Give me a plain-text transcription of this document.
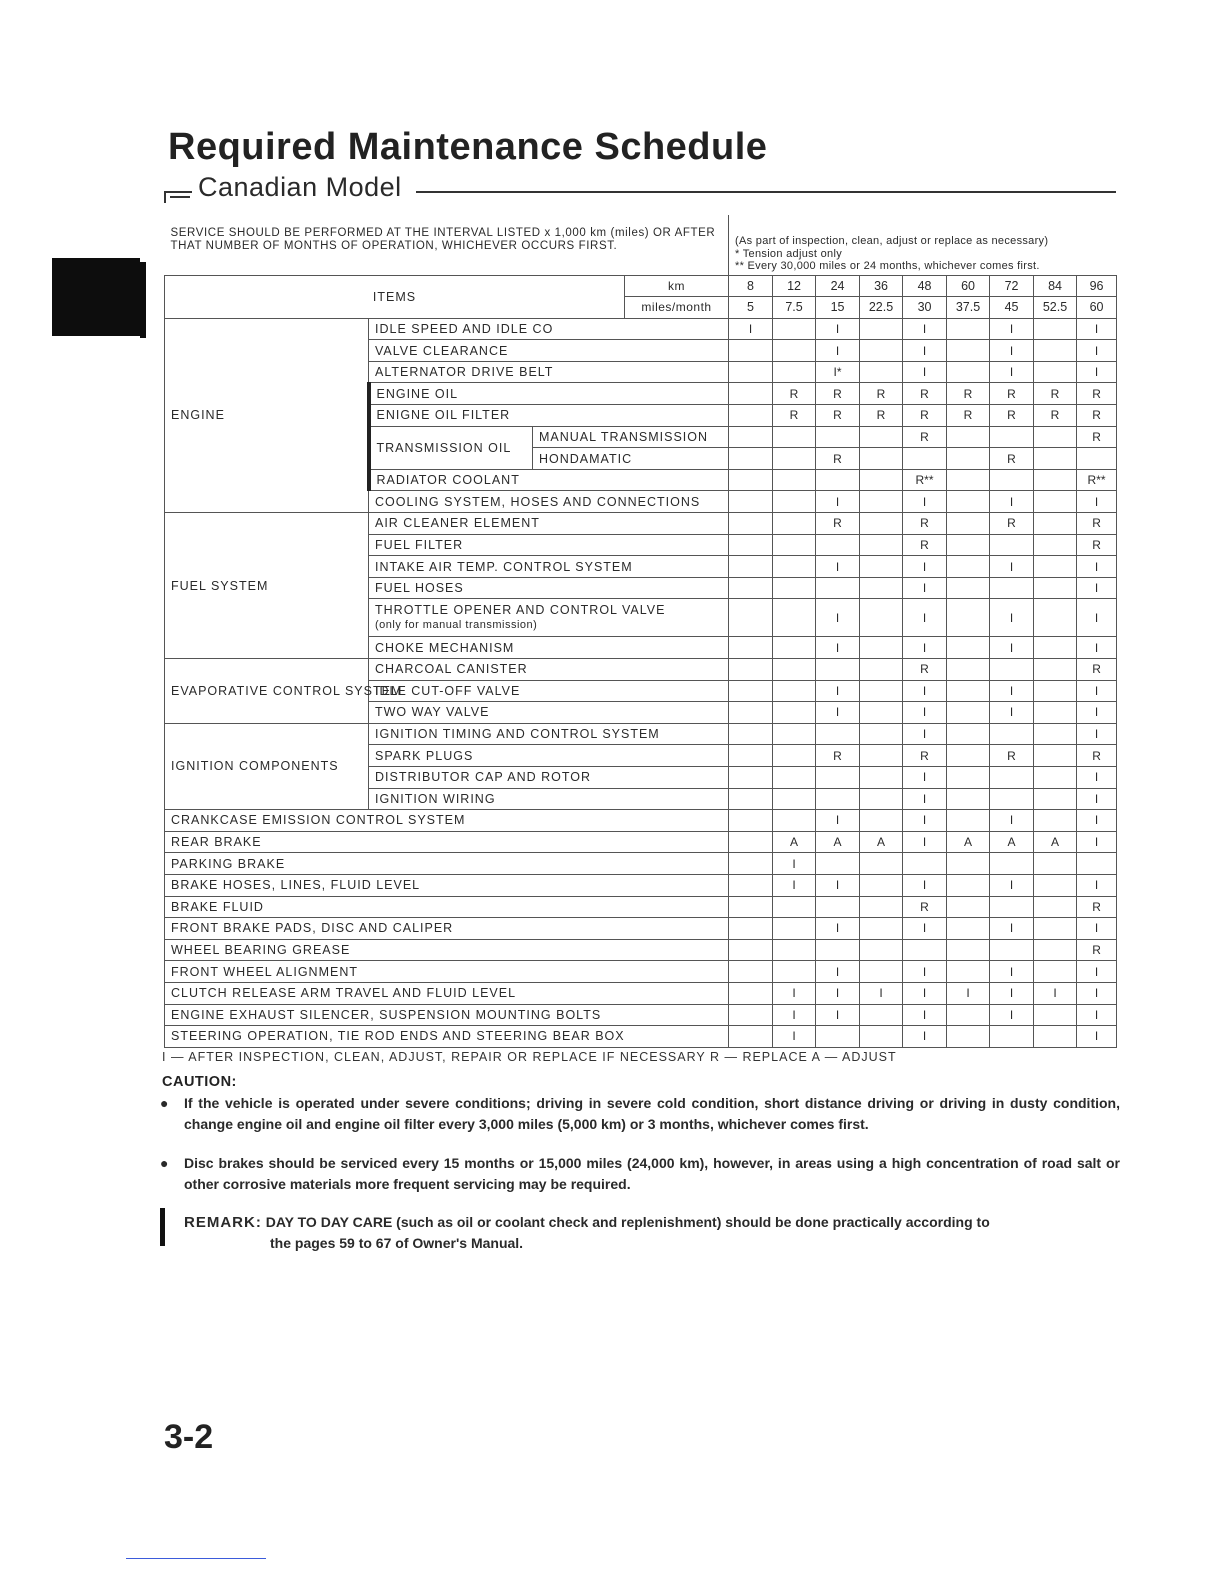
Required Maintenance Schedule
Canadian Model
SERVICE SHOULD BE PERFORMED AT THE INTERVAL LISTED x 1,000 km (miles) OR AFTER THAT NUMBER OF MONTHS OF OPERATION, WHICHEVER OCCURS FIRST.				(As part of inspection, clean, adjust or replace as necessary)
* Tension adjust only
** Every 30,000 miles or 24 months, whichever comes first.								

ITEMS			km	8	12	24	36	48	60	72	84	96
			miles/month	5	7.5	15	22.5	30	37.5	45	52.5	60
ENGINE	IDLE SPEED AND IDLE CO			I		I		I		I		I
	VALVE CLEARANCE					I		I		I		I
	ALTERNATOR DRIVE BELT					I*		I		I		I
	ENGINE OIL				R	R	R	R	R	R	R	R
	ENIGNE OIL FILTER				R	R	R	R	R	R	R	R
	TRANSMISSION OIL	MANUAL TRANSMISSION						R				R
		HONDAMATIC				R				R		
	RADIATOR COOLANT							R**				R**
	COOLING SYSTEM, HOSES AND CONNECTIONS					I		I		I		I
FUEL SYSTEM	AIR CLEANER ELEMENT					R		R		R		R
	FUEL FILTER							R				R
	INTAKE AIR TEMP. CONTROL SYSTEM					I		I		I		I
	FUEL HOSES							I				I

	THROTTLE OPENER AND CONTROL VALVE
(only for manual transmission)					I		I		I		I
	CHOKE MECHANISM					I		I		I		I
EVAPORATIVE CONTROL SYSTEM	CHARCOAL CANISTER							R				R
	IDLE CUT-OFF VALVE					I		I		I		I
	TWO WAY VALVE					I		I		I		I
IGNITION COMPONENTS	IGNITION TIMING AND CONTROL SYSTEM							I				I
	SPARK PLUGS					R		R		R		R
	DISTRIBUTOR CAP AND ROTOR							I				I
	IGNITION WIRING							I				I
CRANKCASE EMISSION CONTROL SYSTEM						I		I		I		I
REAR BRAKE					A	A	A	I	A	A	A	I
PARKING BRAKE					I							
BRAKE HOSES, LINES, FLUID LEVEL					I	I		I		I		I
BRAKE FLUID								R				R
FRONT BRAKE PADS, DISC AND CALIPER						I		I		I		I
WHEEL BEARING GREASE												R
FRONT WHEEL ALIGNMENT						I		I		I		I
CLUTCH RELEASE ARM TRAVEL AND FLUID LEVEL					I	I	I	I	I	I	I	I
ENGINE EXHAUST SILENCER, SUSPENSION MOUNTING BOLTS					I	I		I		I		I
STEERING OPERATION, TIE ROD ENDS AND STEERING BEAR BOX					I			I				I
I — AFTER INSPECTION, CLEAN, ADJUST, REPAIR OR REPLACE IF NECESSARY R — REPLACE A — ADJUST
CAUTION:
● If the vehicle is operated under severe conditions; driving in severe cold condition, short distance driving or driving in dusty condition, change engine oil and engine oil filter every 3,000 miles (5,000 km) or 3 months, whichever comes first.
● Disc brakes should be serviced every 15 months or 15,000 miles (24,000 km), however, in areas using a high concentration of road salt or other corrosive materials more frequent servicing may be required.
REMARK: DAY TO DAY CARE (such as oil or coolant check and replenishment) should be done practically according to
the pages 59 to 67 of Owner's Manual.
3-2
